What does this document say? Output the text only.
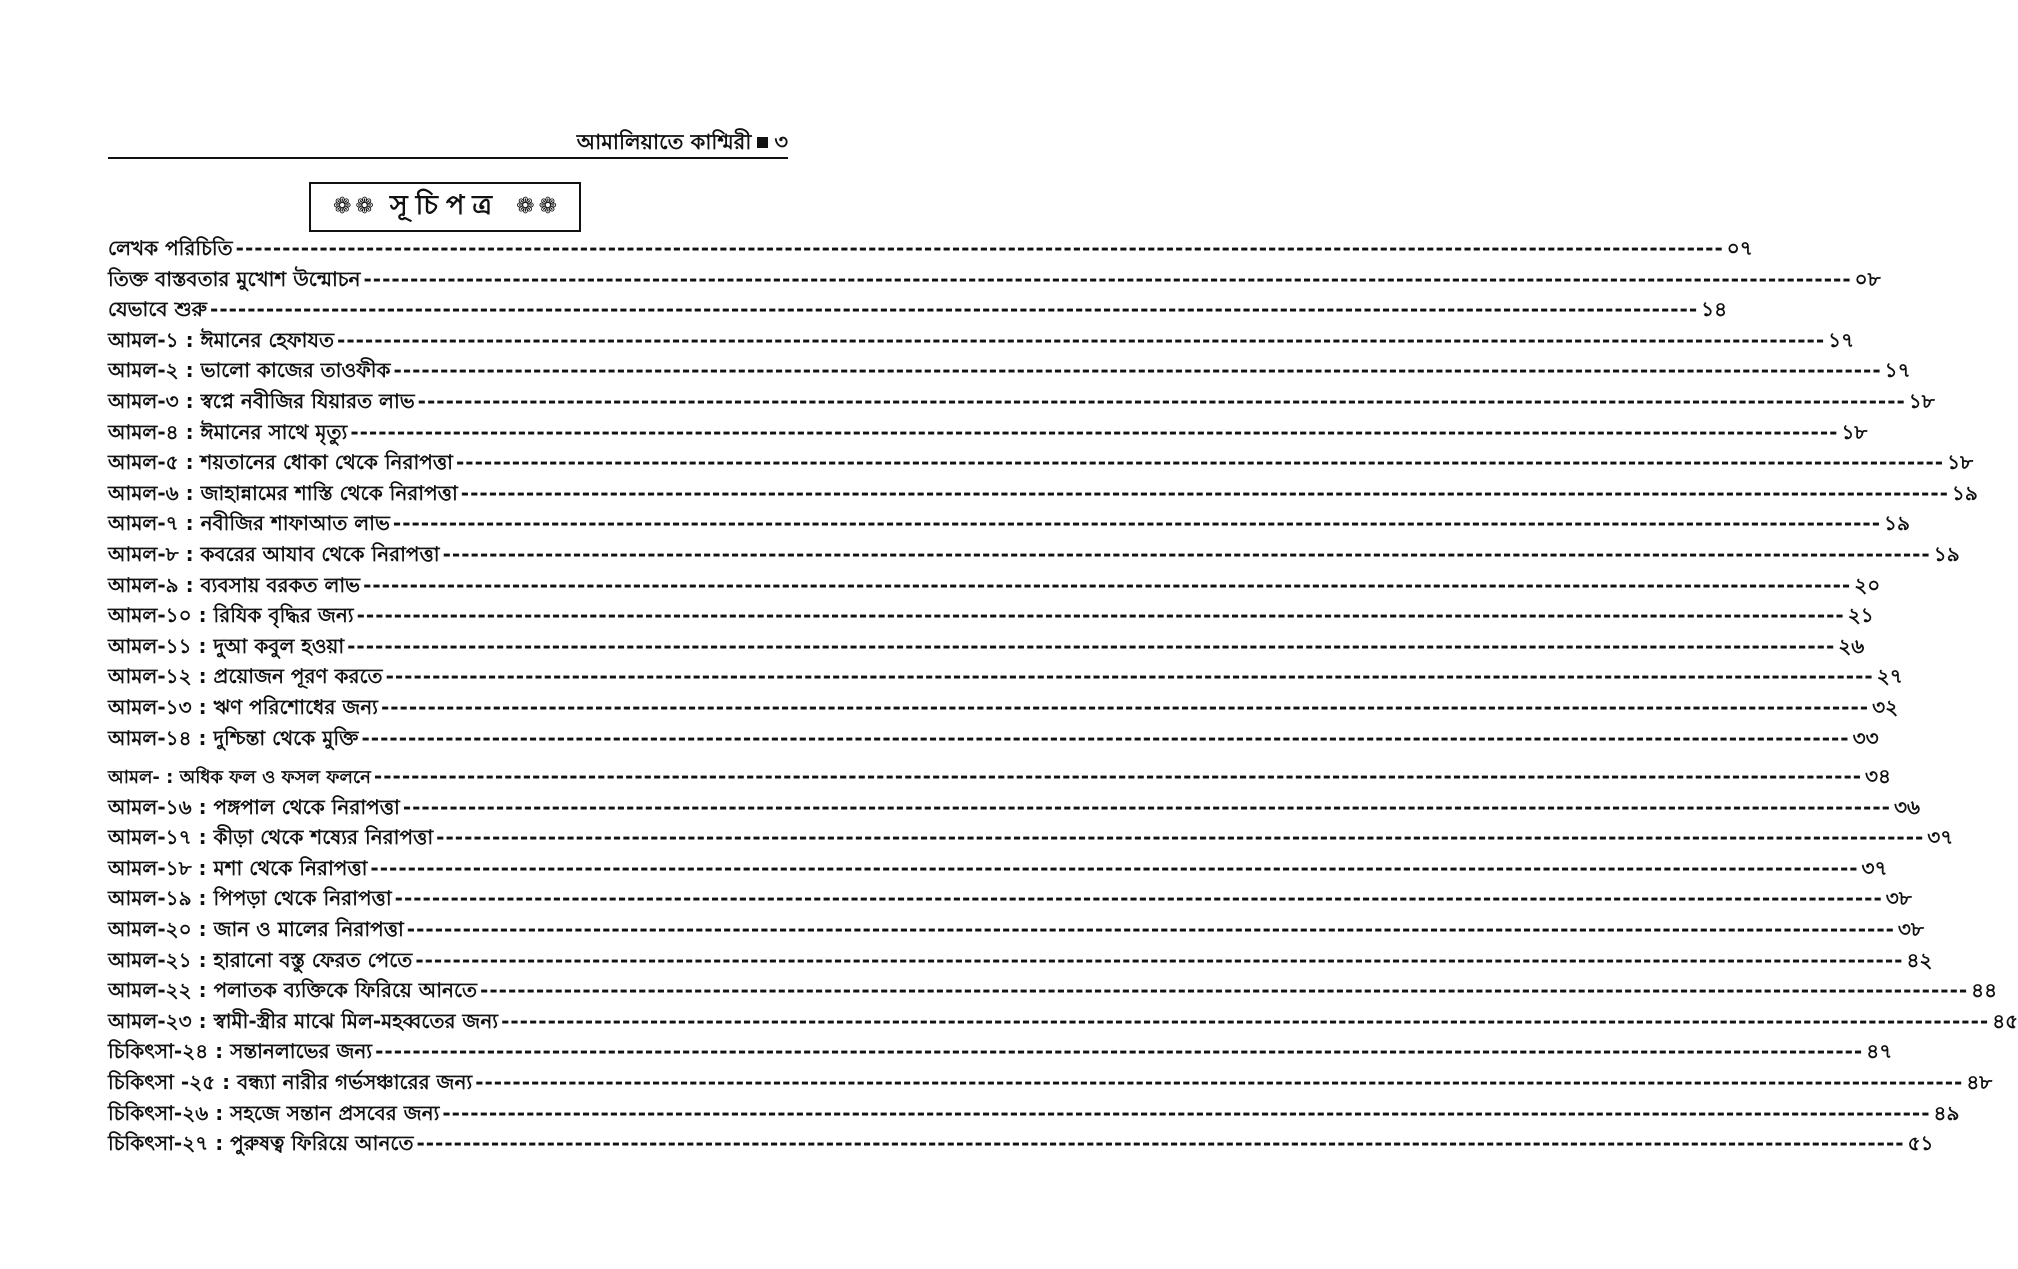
আমালিয়াতে কাশ্মিরী ৩
❁ ❁ সূচিপত্র ❁ ❁
লেখক পরিচিতি ---------------------------------------------------------------------------------------------------------------------------------------------------------------- ০৭
তিক্ত বাস্তবতার মুখোশ উন্মোচন ---------------------------------------------------------------------------------------------------------------------------------------------------------------- ০৮
যেভাবে শুরু ---------------------------------------------------------------------------------------------------------------------------------------------------------------- ১৪
আমল-১ : ঈমানের হেফাযত ---------------------------------------------------------------------------------------------------------------------------------------------------------------- ১৭
আমল-২ : ভালো কাজের তাওফীক ---------------------------------------------------------------------------------------------------------------------------------------------------------------- ১৭
আমল-৩ : স্বপ্নে নবীজির যিয়ারত লাভ ---------------------------------------------------------------------------------------------------------------------------------------------------------------- ১৮
আমল-৪ : ঈমানের সাথে মৃত্যু ---------------------------------------------------------------------------------------------------------------------------------------------------------------- ১৮
আমল-৫ : শয়তানের ধোকা থেকে নিরাপত্তা ---------------------------------------------------------------------------------------------------------------------------------------------------------------- ১৮
আমল-৬ : জাহান্নামের শাস্তি থেকে নিরাপত্তা ---------------------------------------------------------------------------------------------------------------------------------------------------------------- ১৯
আমল-৭ : নবীজির শাফাআত লাভ ---------------------------------------------------------------------------------------------------------------------------------------------------------------- ১৯
আমল-৮ : কবরের আযাব থেকে নিরাপত্তা ---------------------------------------------------------------------------------------------------------------------------------------------------------------- ১৯
আমল-৯ : ব্যবসায় বরকত লাভ ---------------------------------------------------------------------------------------------------------------------------------------------------------------- ২০
আমল-১০ : রিযিক বৃদ্ধির জন্য ---------------------------------------------------------------------------------------------------------------------------------------------------------------- ২১
আমল-১১ : দুআ কবুল হওয়া ---------------------------------------------------------------------------------------------------------------------------------------------------------------- ২৬
আমল-১২ : প্রয়োজন পূরণ করতে ---------------------------------------------------------------------------------------------------------------------------------------------------------------- ২৭
আমল-১৩ : ঋণ পরিশোধের জন্য ---------------------------------------------------------------------------------------------------------------------------------------------------------------- ৩২
আমল-১৪ : দুশ্চিন্তা থেকে মুক্তি ---------------------------------------------------------------------------------------------------------------------------------------------------------------- ৩৩
আমল- : অধিক ফল ও ফসল ফলনে ---------------------------------------------------------------------------------------------------------------------------------------------------------------- ৩৪
আমল-১৬ : পঙ্গপাল থেকে নিরাপত্তা ---------------------------------------------------------------------------------------------------------------------------------------------------------------- ৩৬
আমল-১৭ : কীড়া থেকে শষ্যের নিরাপত্তা ---------------------------------------------------------------------------------------------------------------------------------------------------------------- ৩৭
আমল-১৮ : মশা থেকে নিরাপত্তা ---------------------------------------------------------------------------------------------------------------------------------------------------------------- ৩৭
আমল-১৯ : পিপড়া থেকে নিরাপত্তা ---------------------------------------------------------------------------------------------------------------------------------------------------------------- ৩৮
আমল-২০ : জান ও মালের নিরাপত্তা ---------------------------------------------------------------------------------------------------------------------------------------------------------------- ৩৮
আমল-২১ : হারানো বস্তু ফেরত পেতে ---------------------------------------------------------------------------------------------------------------------------------------------------------------- ৪২
আমল-২২ : পলাতক ব্যক্তিকে ফিরিয়ে আনতে ---------------------------------------------------------------------------------------------------------------------------------------------------------------- ৪৪
আমল-২৩ : স্বামী-স্ত্রীর মাঝে মিল-মহব্বতের জন্য ---------------------------------------------------------------------------------------------------------------------------------------------------------------- ৪৫
চিকিৎসা-২৪ : সন্তানলাভের জন্য ---------------------------------------------------------------------------------------------------------------------------------------------------------------- ৪৭
চিকিৎসা -২৫ : বন্ধ্যা নারীর গর্ভসঞ্চারের জন্য ---------------------------------------------------------------------------------------------------------------------------------------------------------------- ৪৮
চিকিৎসা-২৬ : সহজে সন্তান প্রসবের জন্য ---------------------------------------------------------------------------------------------------------------------------------------------------------------- ৪৯
চিকিৎসা-২৭ : পুরুষত্ব ফিরিয়ে আনতে ---------------------------------------------------------------------------------------------------------------------------------------------------------------- ৫১
